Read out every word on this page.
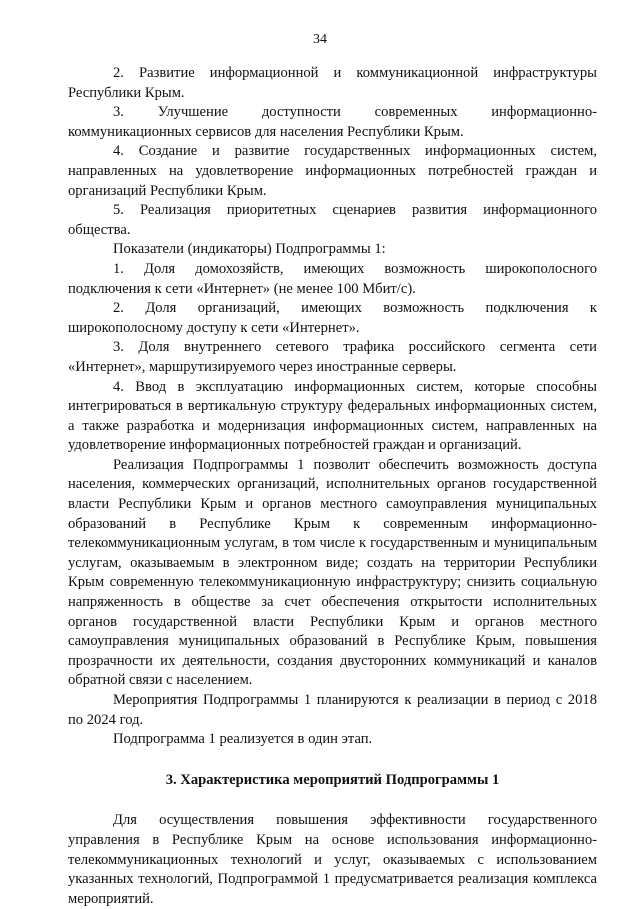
34

2. Развитие информационной и коммуникационной инфраструктуры Республики Крым.

3. Улучшение доступности современных информационно-коммуникационных сервисов для населения Республики Крым.

4. Создание и развитие государственных информационных систем, направленных на удовлетворение информационных потребностей граждан и организаций Республики Крым.

5. Реализация приоритетных сценариев развития информационного общества.

Показатели (индикаторы) Подпрограммы 1:

1. Доля домохозяйств, имеющих возможность широкополосного подключения к сети «Интернет» (не менее 100 Мбит/с).

2. Доля организаций, имеющих возможность подключения к широкополосному доступу к сети «Интернет».

3. Доля внутреннего сетевого трафика российского сегмента сети «Интернет», маршрутизируемого через иностранные серверы.

4. Ввод в эксплуатацию информационных систем, которые способны интегрироваться в вертикальную структуру федеральных информационных систем, а также разработка и модернизация информационных систем, направленных на удовлетворение информационных потребностей граждан и организаций.

Реализация Подпрограммы 1 позволит обеспечить возможность доступа населения, коммерческих организаций, исполнительных органов государственной власти Республики Крым и органов местного самоуправления муниципальных образований в Республике Крым к современным информационно-телекоммуникационным услугам, в том числе к государственным и муниципальным услугам, оказываемым в электронном виде; создать на территории Республики Крым современную телекоммуникационную инфраструктуру; снизить социальную напряженность в обществе за счет обеспечения открытости исполнительных органов государственной власти Республики Крым и органов местного самоуправления муниципальных образований в Республике Крым, повышения прозрачности их деятельности, создания двусторонних коммуникаций и каналов обратной связи с населением.

Мероприятия Подпрограммы 1 планируются к реализации в период с 2018 по 2024 год.

Подпрограмма 1 реализуется в один этап.

3. Характеристика мероприятий Подпрограммы 1

Для осуществления повышения эффективности государственного управления в Республике Крым на основе использования информационно-телекоммуникационных технологий и услуг, оказываемых с использованием указанных технологий, Подпрограммой 1 предусматривается реализация комплекса мероприятий.
